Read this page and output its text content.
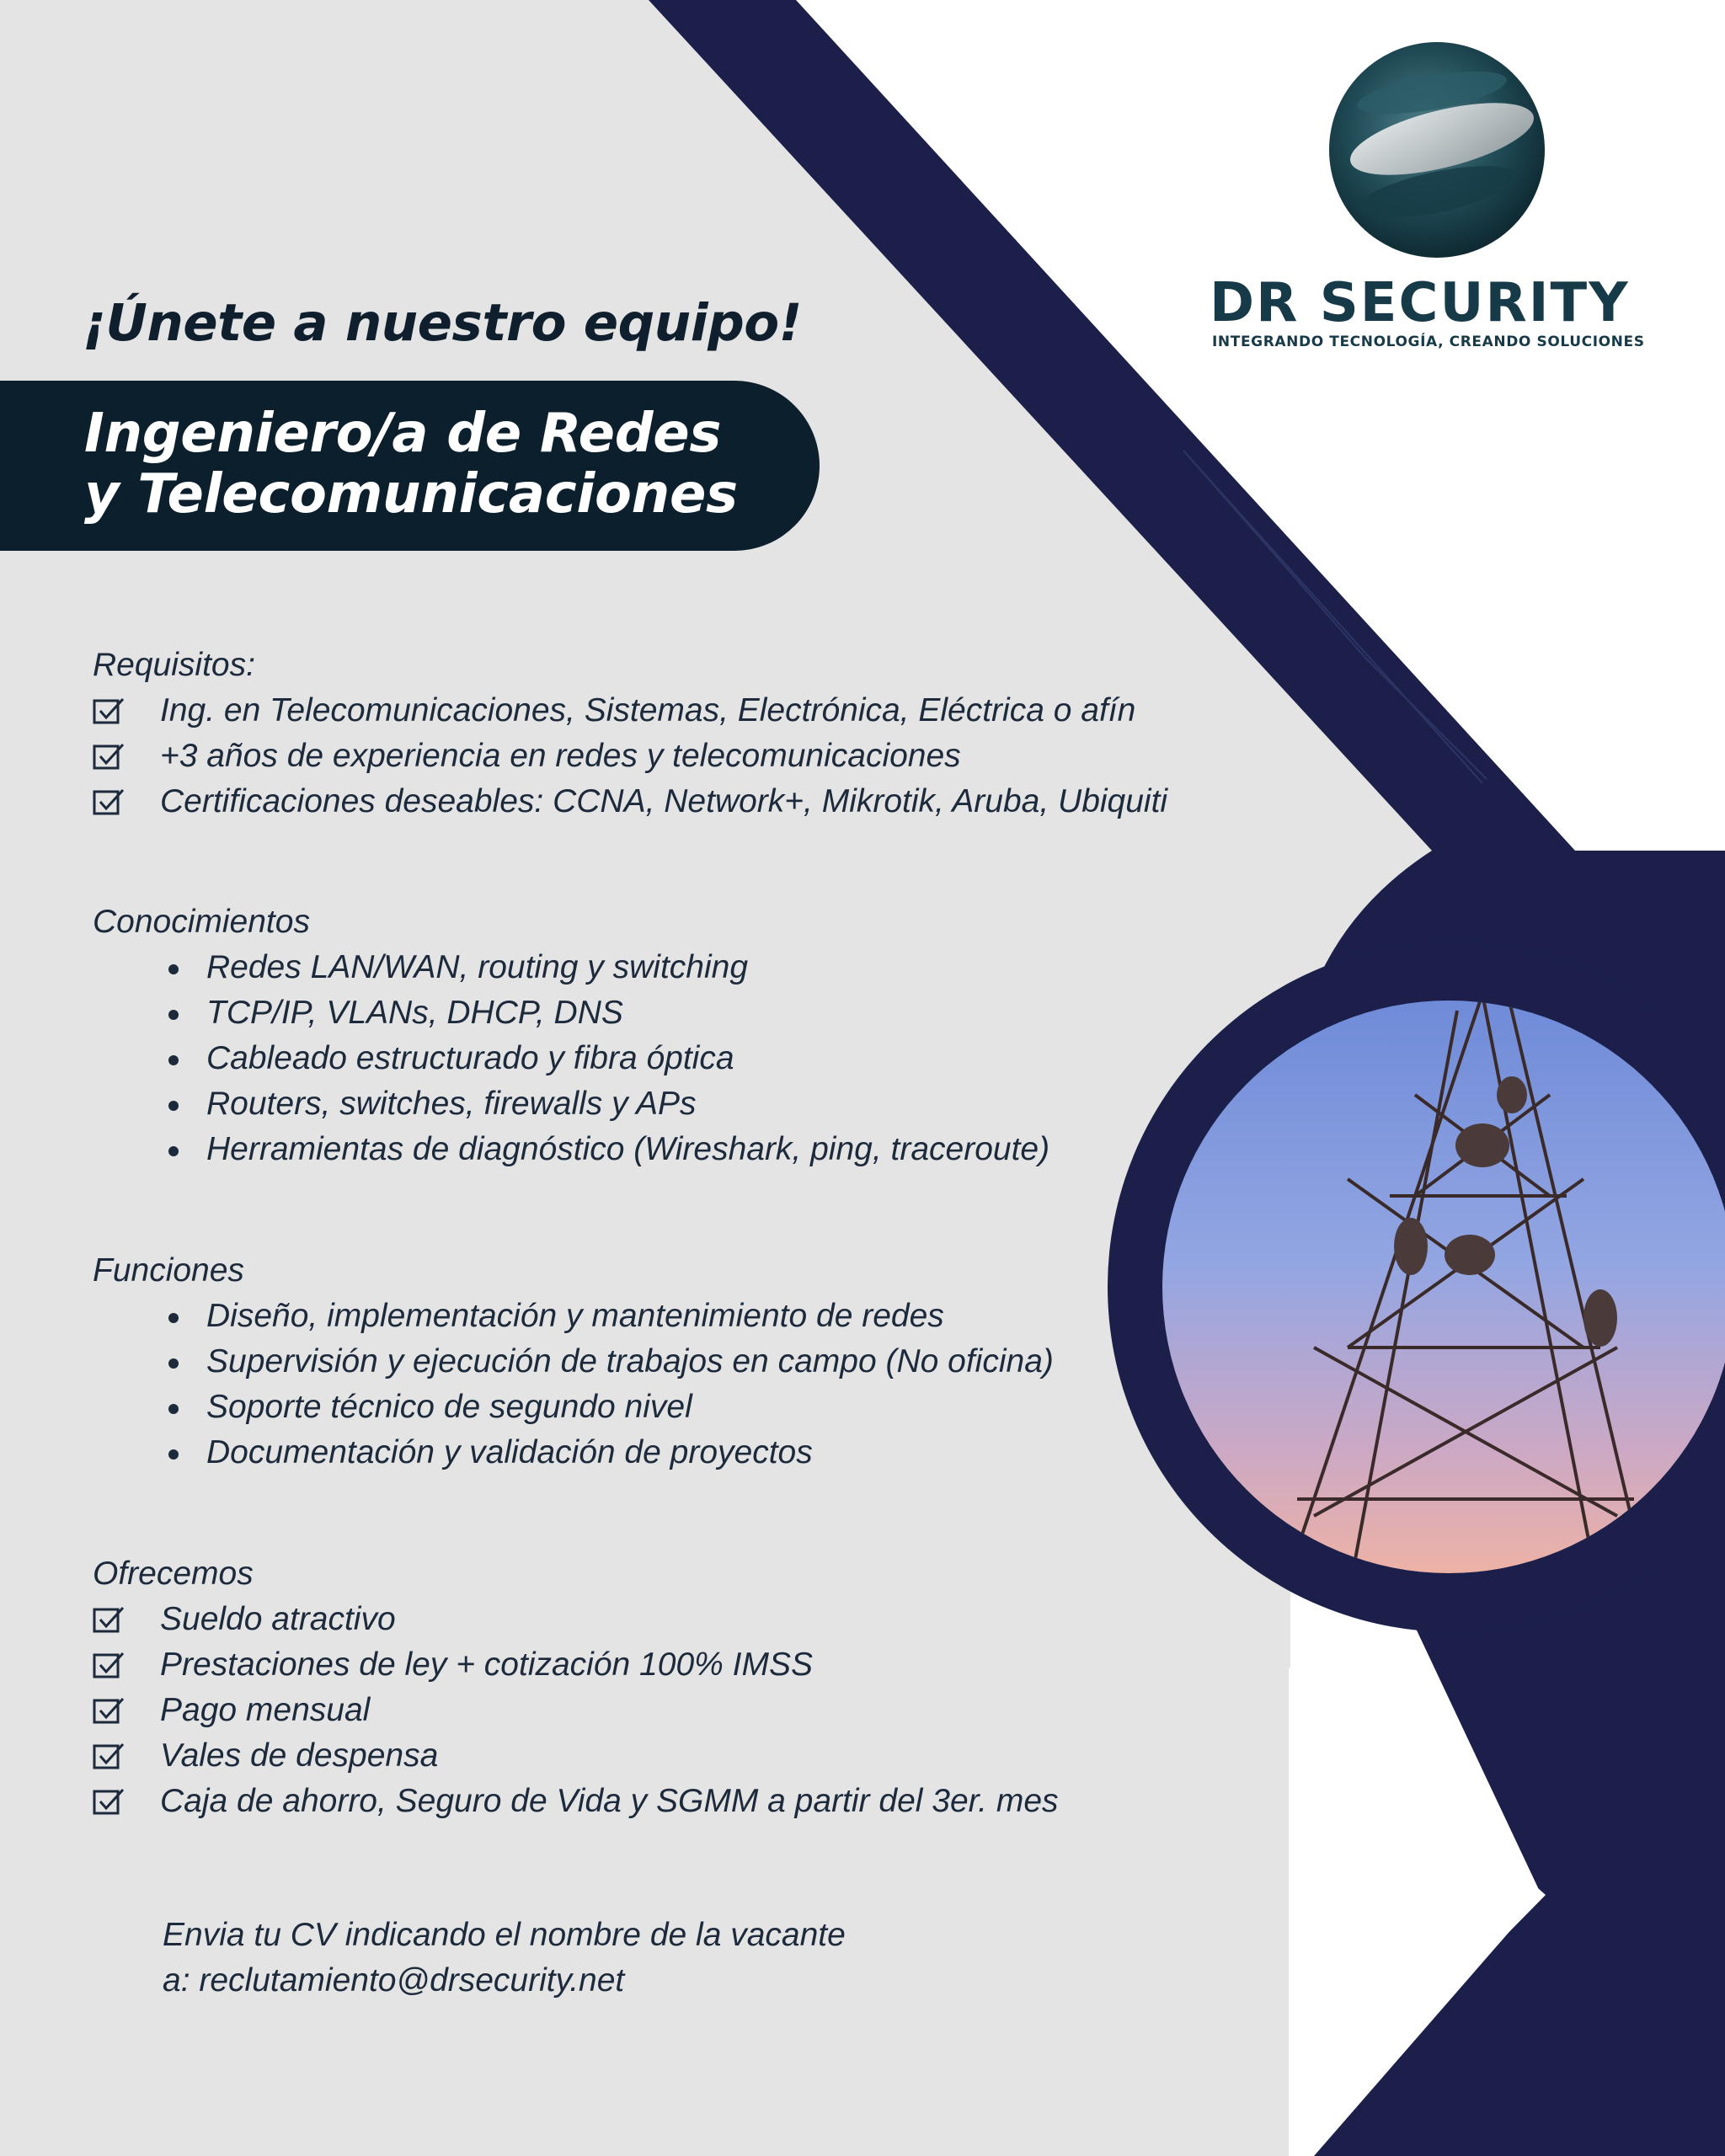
¡Únete a nuestro equipo!
Ingeniero/a de Redes
y Telecomunicaciones
DR SECURITY
INTEGRANDO TECNOLOGÍA, CREANDO SOLUCIONES
Requisitos:
Ing. en Telecomunicaciones, Sistemas, Electrónica, Eléctrica o afín
+3 años de experiencia en redes y telecomunicaciones
Certificaciones deseables: CCNA, Network+, Mikrotik, Aruba, Ubiquiti
Conocimientos
Redes LAN/WAN, routing y switching
TCP/IP, VLANs, DHCP, DNS
Cableado estructurado y fibra óptica
Routers, switches, firewalls y APs
Herramientas de diagnóstico (Wireshark, ping, traceroute)
Funciones
Diseño, implementación y mantenimiento de redes
Supervisión y ejecución de trabajos en campo (No oficina)
Soporte técnico de segundo nivel
Documentación y validación de proyectos
Ofrecemos
Sueldo atractivo
Prestaciones de ley + cotización 100% IMSS
Pago mensual
Vales de despensa
Caja de ahorro, Seguro de Vida y SGMM a partir del 3er. mes
Envia tu CV indicando el nombre de la vacante
a: reclutamiento@drsecurity.net
